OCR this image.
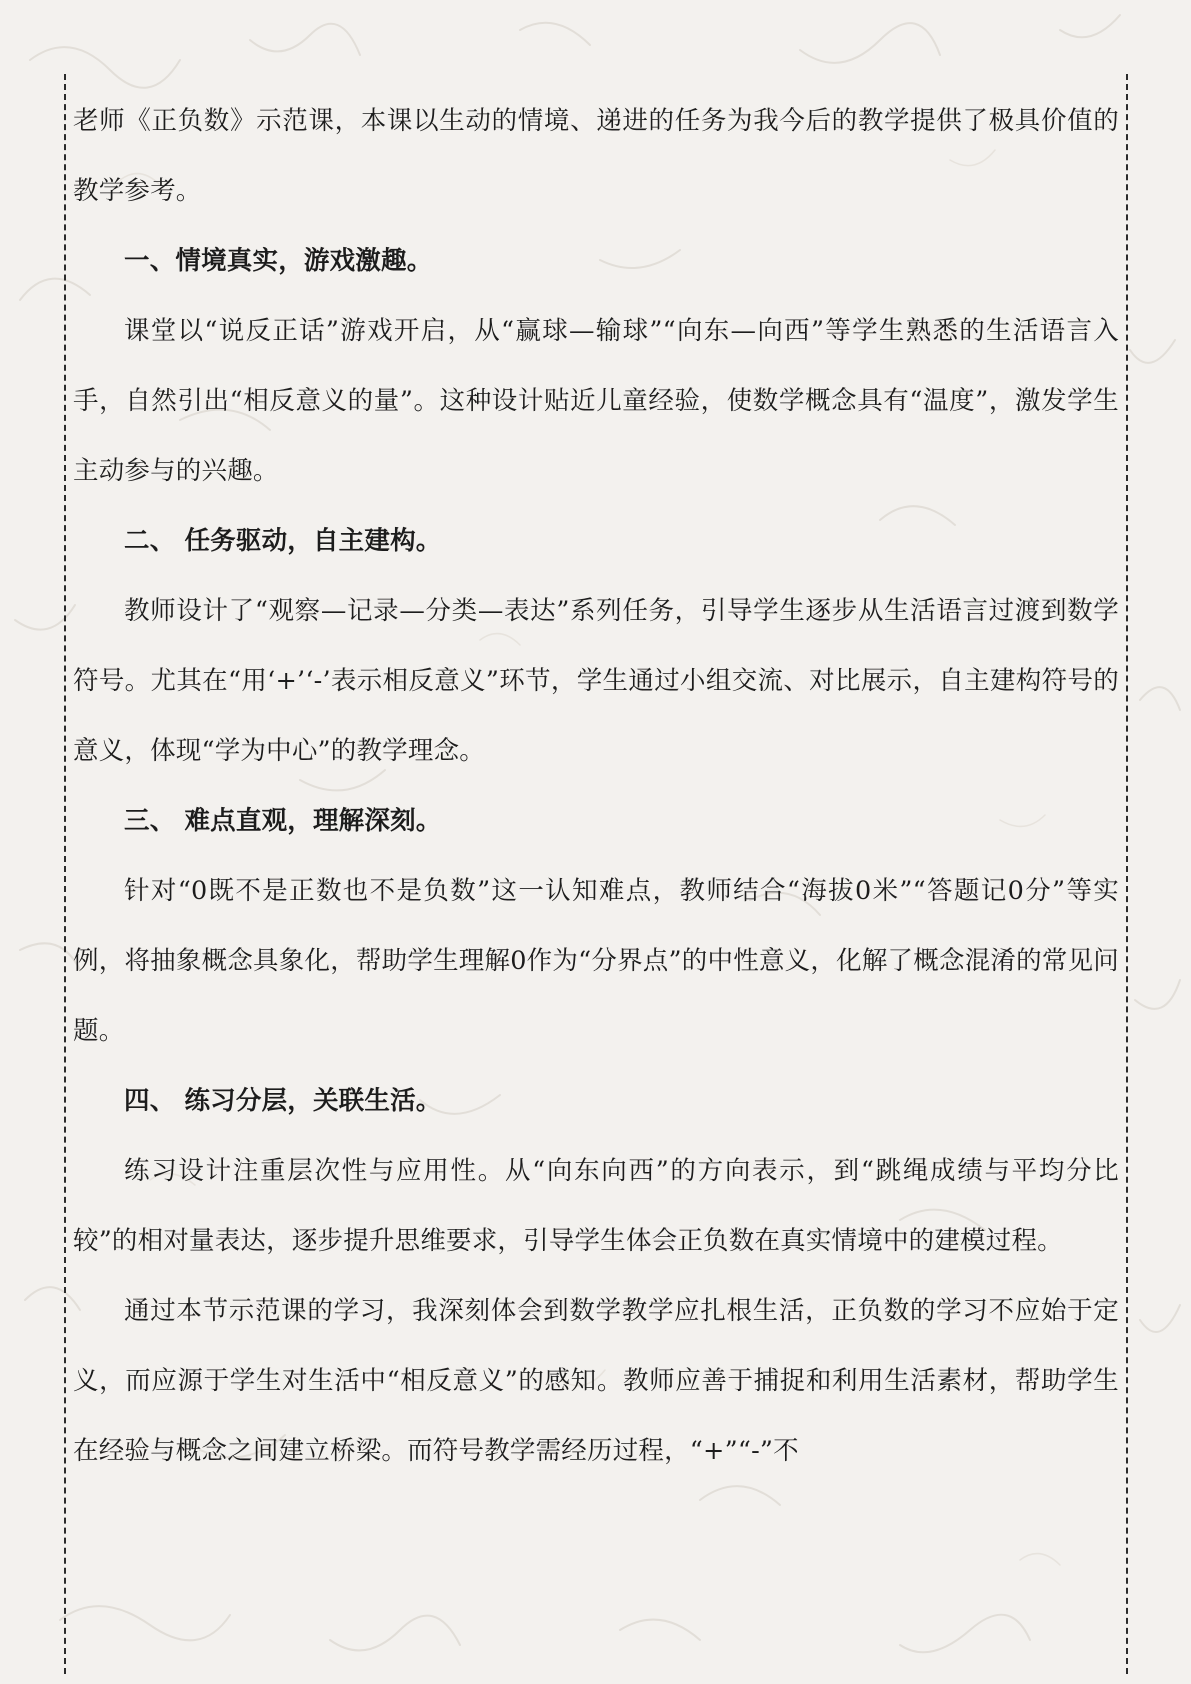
老师《正负数》示范课，本课以生动的情境、递进的任务为我今后的教学提供了极具价值的教学参考。

一、情境真实，游戏激趣。

课堂以“说反正话”游戏开启，从“赢球—输球”“向东—向西”等学生熟悉的生活语言入手，自然引出“相反意义的量”。这种设计贴近儿童经验，使数学概念具有“温度”，激发学生主动参与的兴趣。

二、 任务驱动，自主建构。

教师设计了“观察—记录—分类—表达”系列任务，引导学生逐步从生活语言过渡到数学符号。尤其在“用‘+’‘-’表示相反意义”环节，学生通过小组交流、对比展示，自主建构符号的意义，体现“学为中心”的教学理念。

三、 难点直观，理解深刻。

针对“0既不是正数也不是负数”这一认知难点，教师结合“海拔0米”“答题记0分”等实例，将抽象概念具象化，帮助学生理解0作为“分界点”的中性意义，化解了概念混淆的常见问题。

四、 练习分层，关联生活。

练习设计注重层次性与应用性。从“向东向西”的方向表示，到“跳绳成绩与平均分比较”的相对量表达，逐步提升思维要求，引导学生体会正负数在真实情境中的建模过程。

通过本节示范课的学习，我深刻体会到数学教学应扎根生活，正负数的学习不应始于定义，而应源于学生对生活中“相反意义”的感知。教师应善于捕捉和利用生活素材，帮助学生在经验与概念之间建立桥梁。而符号教学需经历过程，“+”“-”不
